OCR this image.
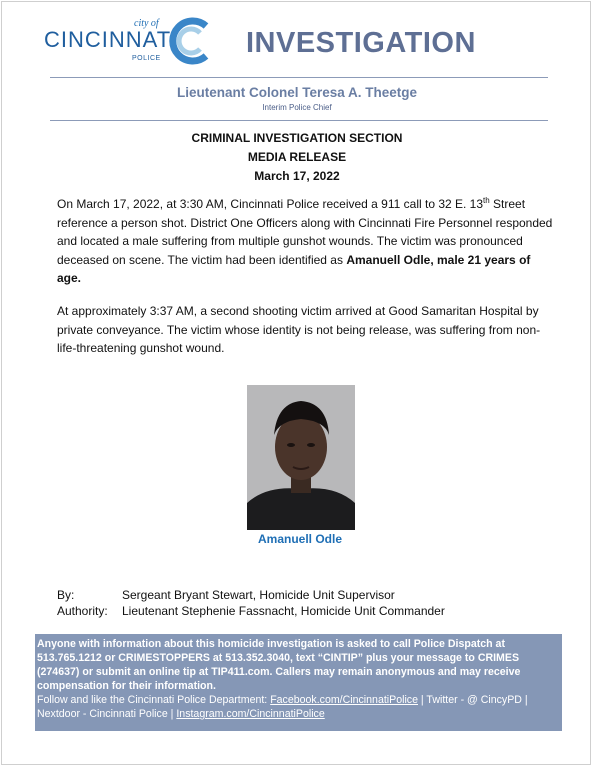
city of
CINCINNATI
POLICE	INVESTIGATION
Lieutenant Colonel Teresa A. Theetge
Interim Police Chief
CRIMINAL INVESTIGATION SECTION
MEDIA RELEASE
March 17, 2022
On March 17, 2022, at 3:30 AM, Cincinnati Police received a 911 call to 32 E. 13th Street reference a person shot. District One Officers along with Cincinnati Fire Personnel responded and located a male suffering from multiple gunshot wounds. The victim was pronounced deceased on scene. The victim had been identified as Amanuell Odle, male 21 years of age.
At approximately 3:37 AM, a second shooting victim arrived at Good Samaritan Hospital by private conveyance. The victim whose identity is not being release, was suffering from non-life-threatening gunshot wound.
Amanuell Odle
By:	Sergeant Bryant Stewart, Homicide Unit Supervisor
Authority: Lieutenant Stephenie Fassnacht, Homicide Unit Commander
Anyone with information about this homicide investigation is asked to call Police Dispatch at 513.765.1212 or CRIMESTOPPERS at 513.352.3040, text “CINTIP” plus your message to CRIMES (274637) or submit an online tip at TIP411.com. Callers may remain anonymous and may receive compensation for their information.
Follow and like the Cincinnati Police Department: Facebook.com/CincinnatiPolice | Twitter - @ CincyPD | Nextdoor - Cincinnati Police | Instagram.com/CincinnatiPolice
